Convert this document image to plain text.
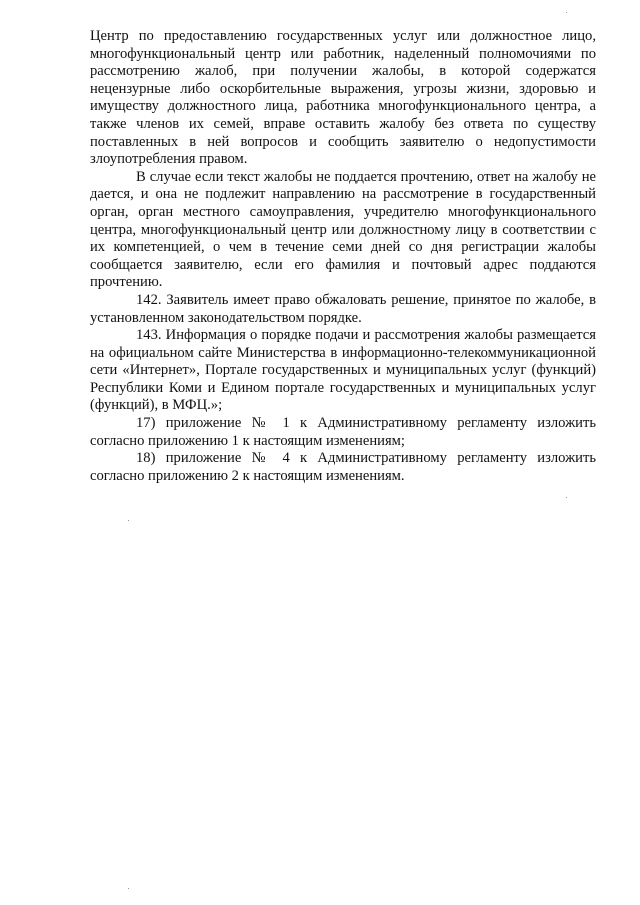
Центр по предоставлению государственных услуг или должностное лицо, многофункциональный центр или работник, наделенный полномочиями по рассмотрению жалоб, при получении жалобы, в которой содержатся нецензурные либо оскорбительные выражения, угрозы жизни, здоровью и имуществу должностного лица, работника многофункционального центра, а также членов их семей, вправе оставить жалобу без ответа по существу поставленных в ней вопросов и сообщить заявителю о недопустимости злоупотребления правом.

В случае если текст жалобы не поддается прочтению, ответ на жалобу не дается, и она не подлежит направлению на рассмотрение в государственный орган, орган местного самоуправления, учредителю многофункционального центра, многофункциональный центр или должностному лицу в соответствии с их компетенцией, о чем в течение семи дней со дня регистрации жалобы сообщается заявителю, если его фамилия и почтовый адрес поддаются прочтению.

142. Заявитель имеет право обжаловать решение, принятое по жалобе, в установленном законодательством порядке.

143. Информация о порядке подачи и рассмотрения жалобы размещается на официальном сайте Министерства в информационно-телекоммуникационной сети «Интернет», Портале государственных и муниципальных услуг (функций) Республики Коми и Едином портале государственных и муниципальных услуг (функций), в МФЦ.»;

17) приложение № 1 к Административному регламенту изложить согласно приложению 1 к настоящим изменениям;

18) приложение № 4 к Административному регламенту изложить согласно приложению 2 к настоящим изменениям.
